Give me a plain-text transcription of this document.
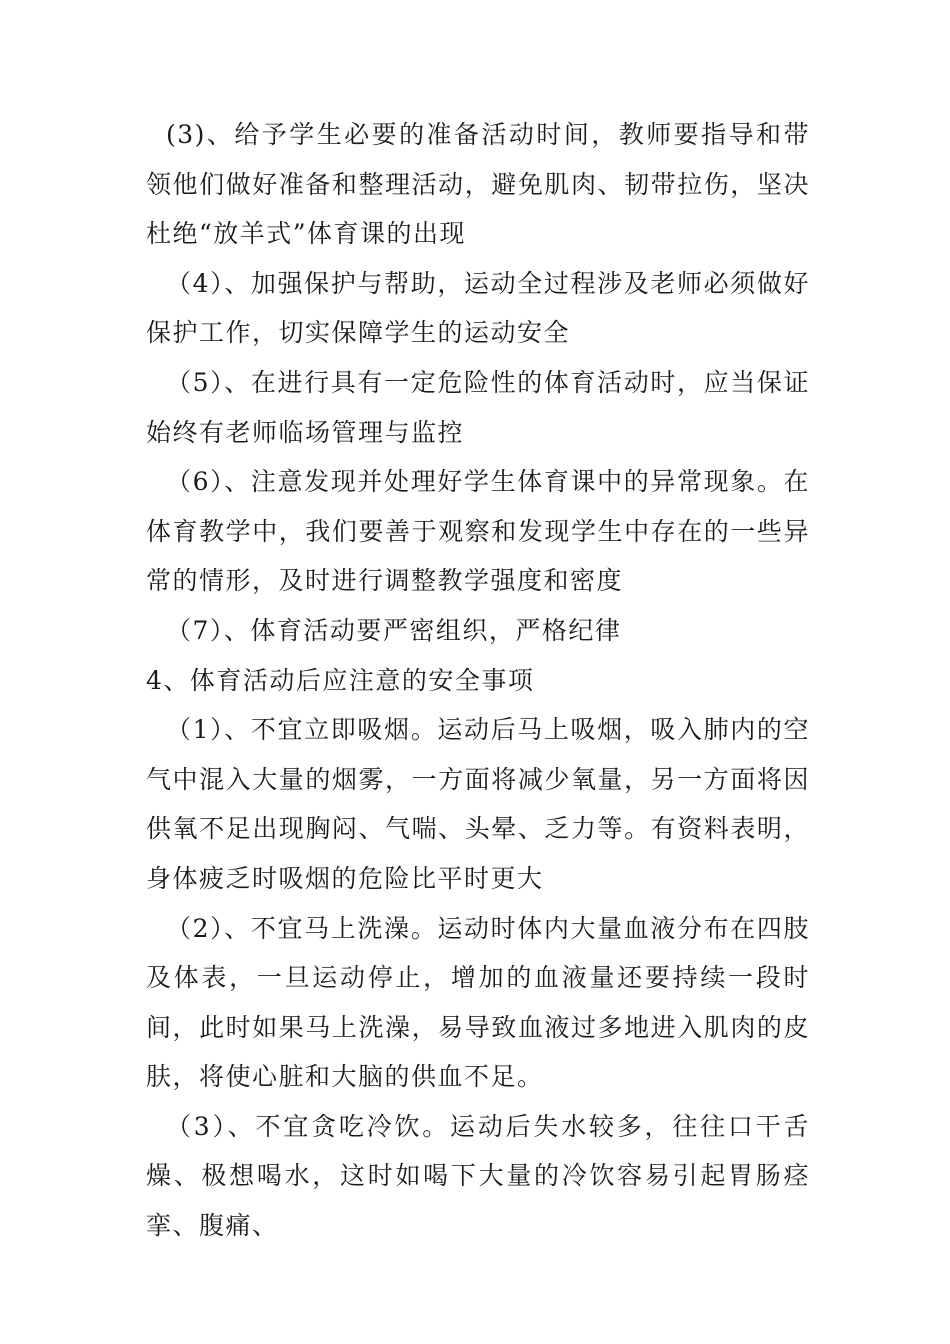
(3)、给予学生必要的准备活动时间，教师要指导和带领他们做好准备和整理活动，避免肌肉、韧带拉伤，坚决杜绝“放羊式”体育课的出现

（4）、加强保护与帮助，运动全过程涉及老师必须做好保护工作，切实保障学生的运动安全

（5）、在进行具有一定危险性的体育活动时，应当保证始终有老师临场管理与监控

（6）、注意发现并处理好学生体育课中的异常现象。在体育教学中，我们要善于观察和发现学生中存在的一些异常的情形，及时进行调整教学强度和密度

（7）、体育活动要严密组织，严格纪律

4、体育活动后应注意的安全事项

（1）、不宜立即吸烟。运动后马上吸烟，吸入肺内的空气中混入大量的烟雾，一方面将减少氧量，另一方面将因供氧不足出现胸闷、气喘、头晕、乏力等。有资料表明，身体疲乏时吸烟的危险比平时更大

（2）、不宜马上洗澡。运动时体内大量血液分布在四肢及体表，一旦运动停止，增加的血液量还要持续一段时间，此时如果马上洗澡，易导致血液过多地进入肌肉的皮肤，将使心脏和大脑的供血不足。

（3）、不宜贪吃冷饮。运动后失水较多，往往口干舌燥、极想喝水，这时如喝下大量的冷饮容易引起胃肠痉挛、腹痛、
